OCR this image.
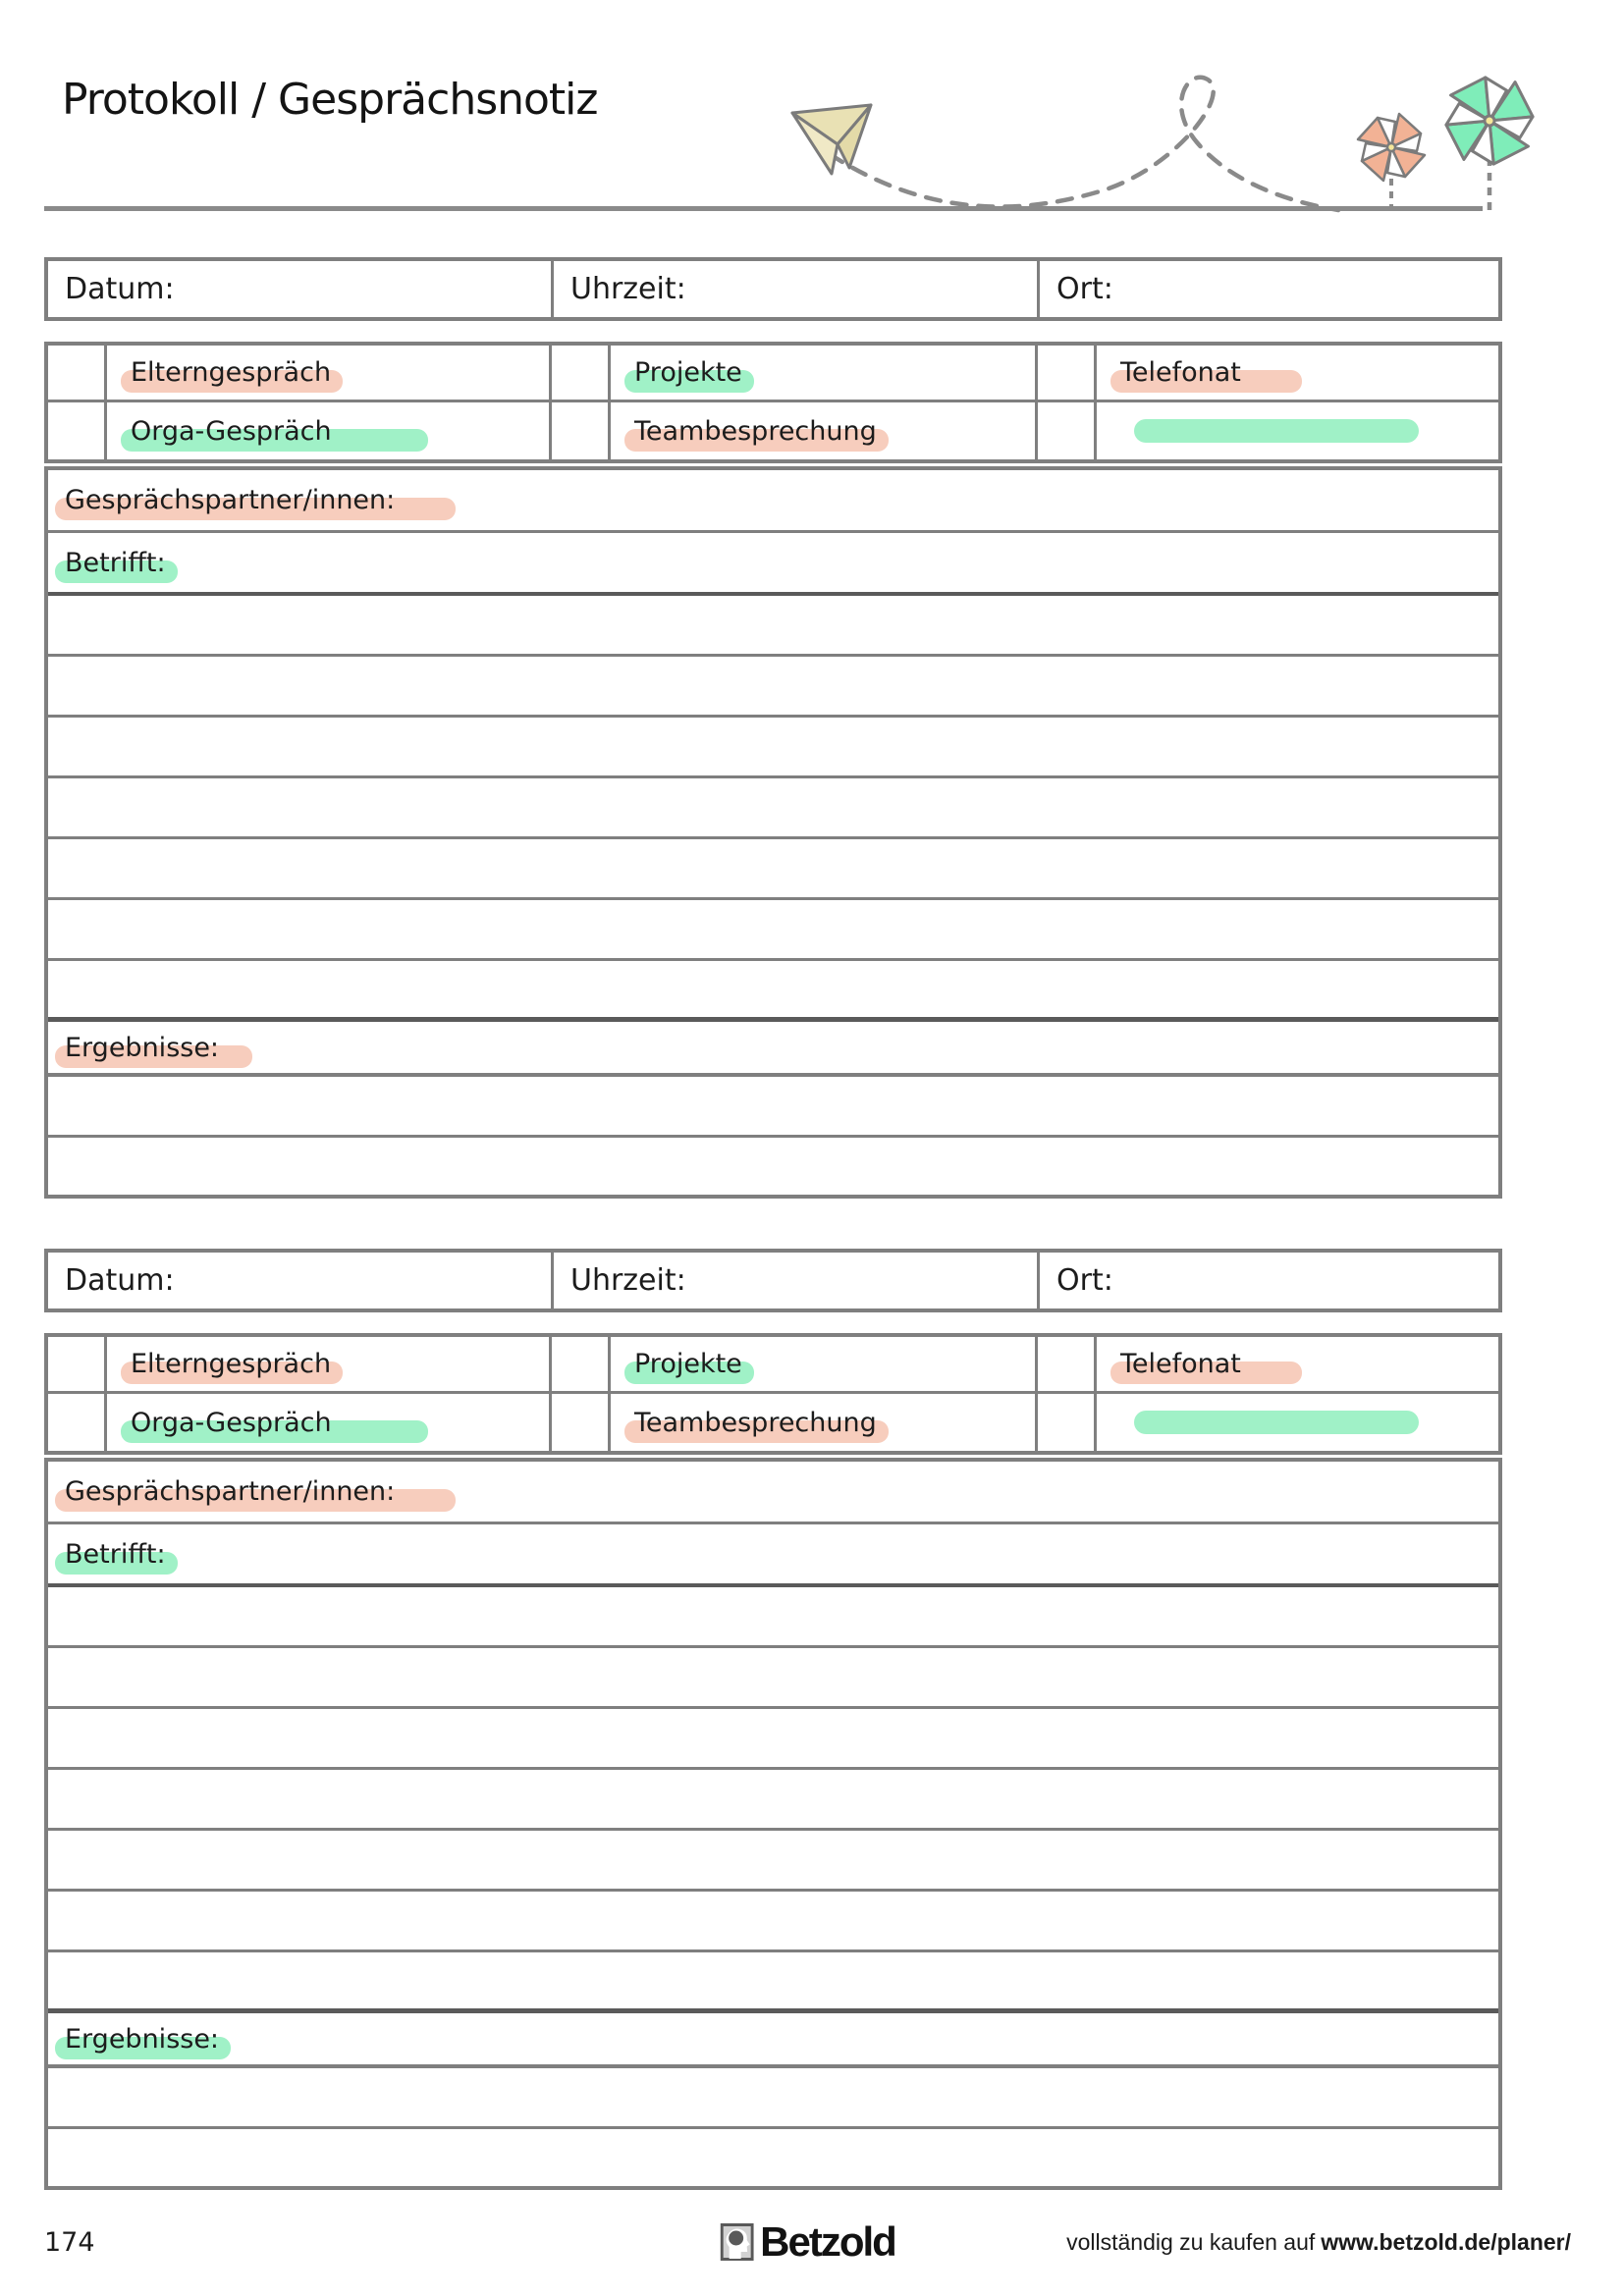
Protokoll / Gesprächsnotiz
Datum:	Uhrzeit:	Ort:
Elterngespräch	Projekte	Telefonat
Orga-Gespräch	Teambesprechung
Gesprächspartner/innen:
Betrifft:
Ergebnisse:
Datum:	Uhrzeit:	Ort:
Elterngespräch	Projekte	Telefonat
Orga-Gespräch	Teambesprechung
Gesprächspartner/innen:
Betrifft:
Ergebnisse:
174	Betzold	vollständig zu kaufen auf www.betzold.de/planer/
